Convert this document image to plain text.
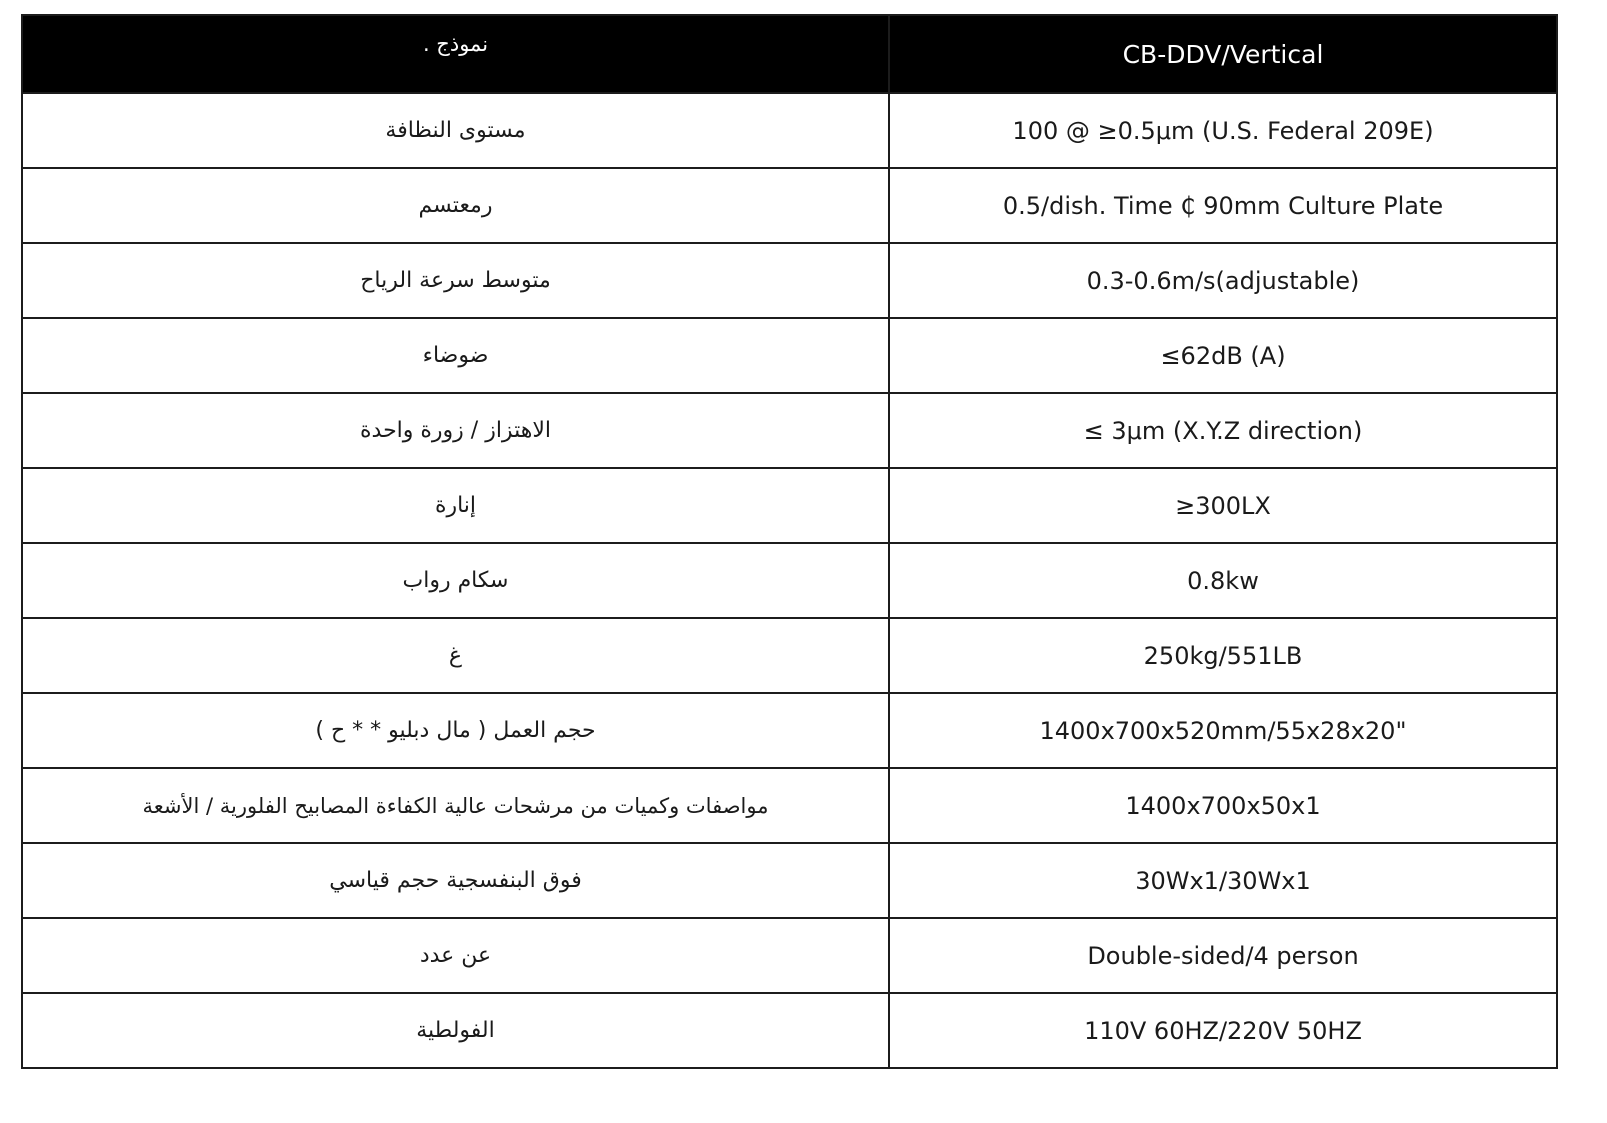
نموذج .	CB-DDV/Vertical
مستوى النظافة	100 @ ≥0.5μm (U.S. Federal 209E)
رمعتسم	0.5/dish. Time ₵ 90mm Culture Plate
متوسط سرعة الرياح	0.3-0.6m/s(adjustable)
ضوضاء	≤62dB (A)
الاهتزاز / زورة واحدة	≤ 3μm (X.Y.Z direction)
إنارة	≥300LX
سكام رواب	0.8kw
غ	250kg/551LB
حجم العمل ( مال دبليو * * ح )	1400x700x520mm/55x28x20"
مواصفات وكميات من مرشحات عالية الكفاءة المصابيح الفلورية / الأشعة	1400x700x50x1
فوق البنفسجية حجم قياسي	30Wx1/30Wx1
عن عدد	Double-sided/4 person
الفولطية	110V 60HZ/220V 50HZ
